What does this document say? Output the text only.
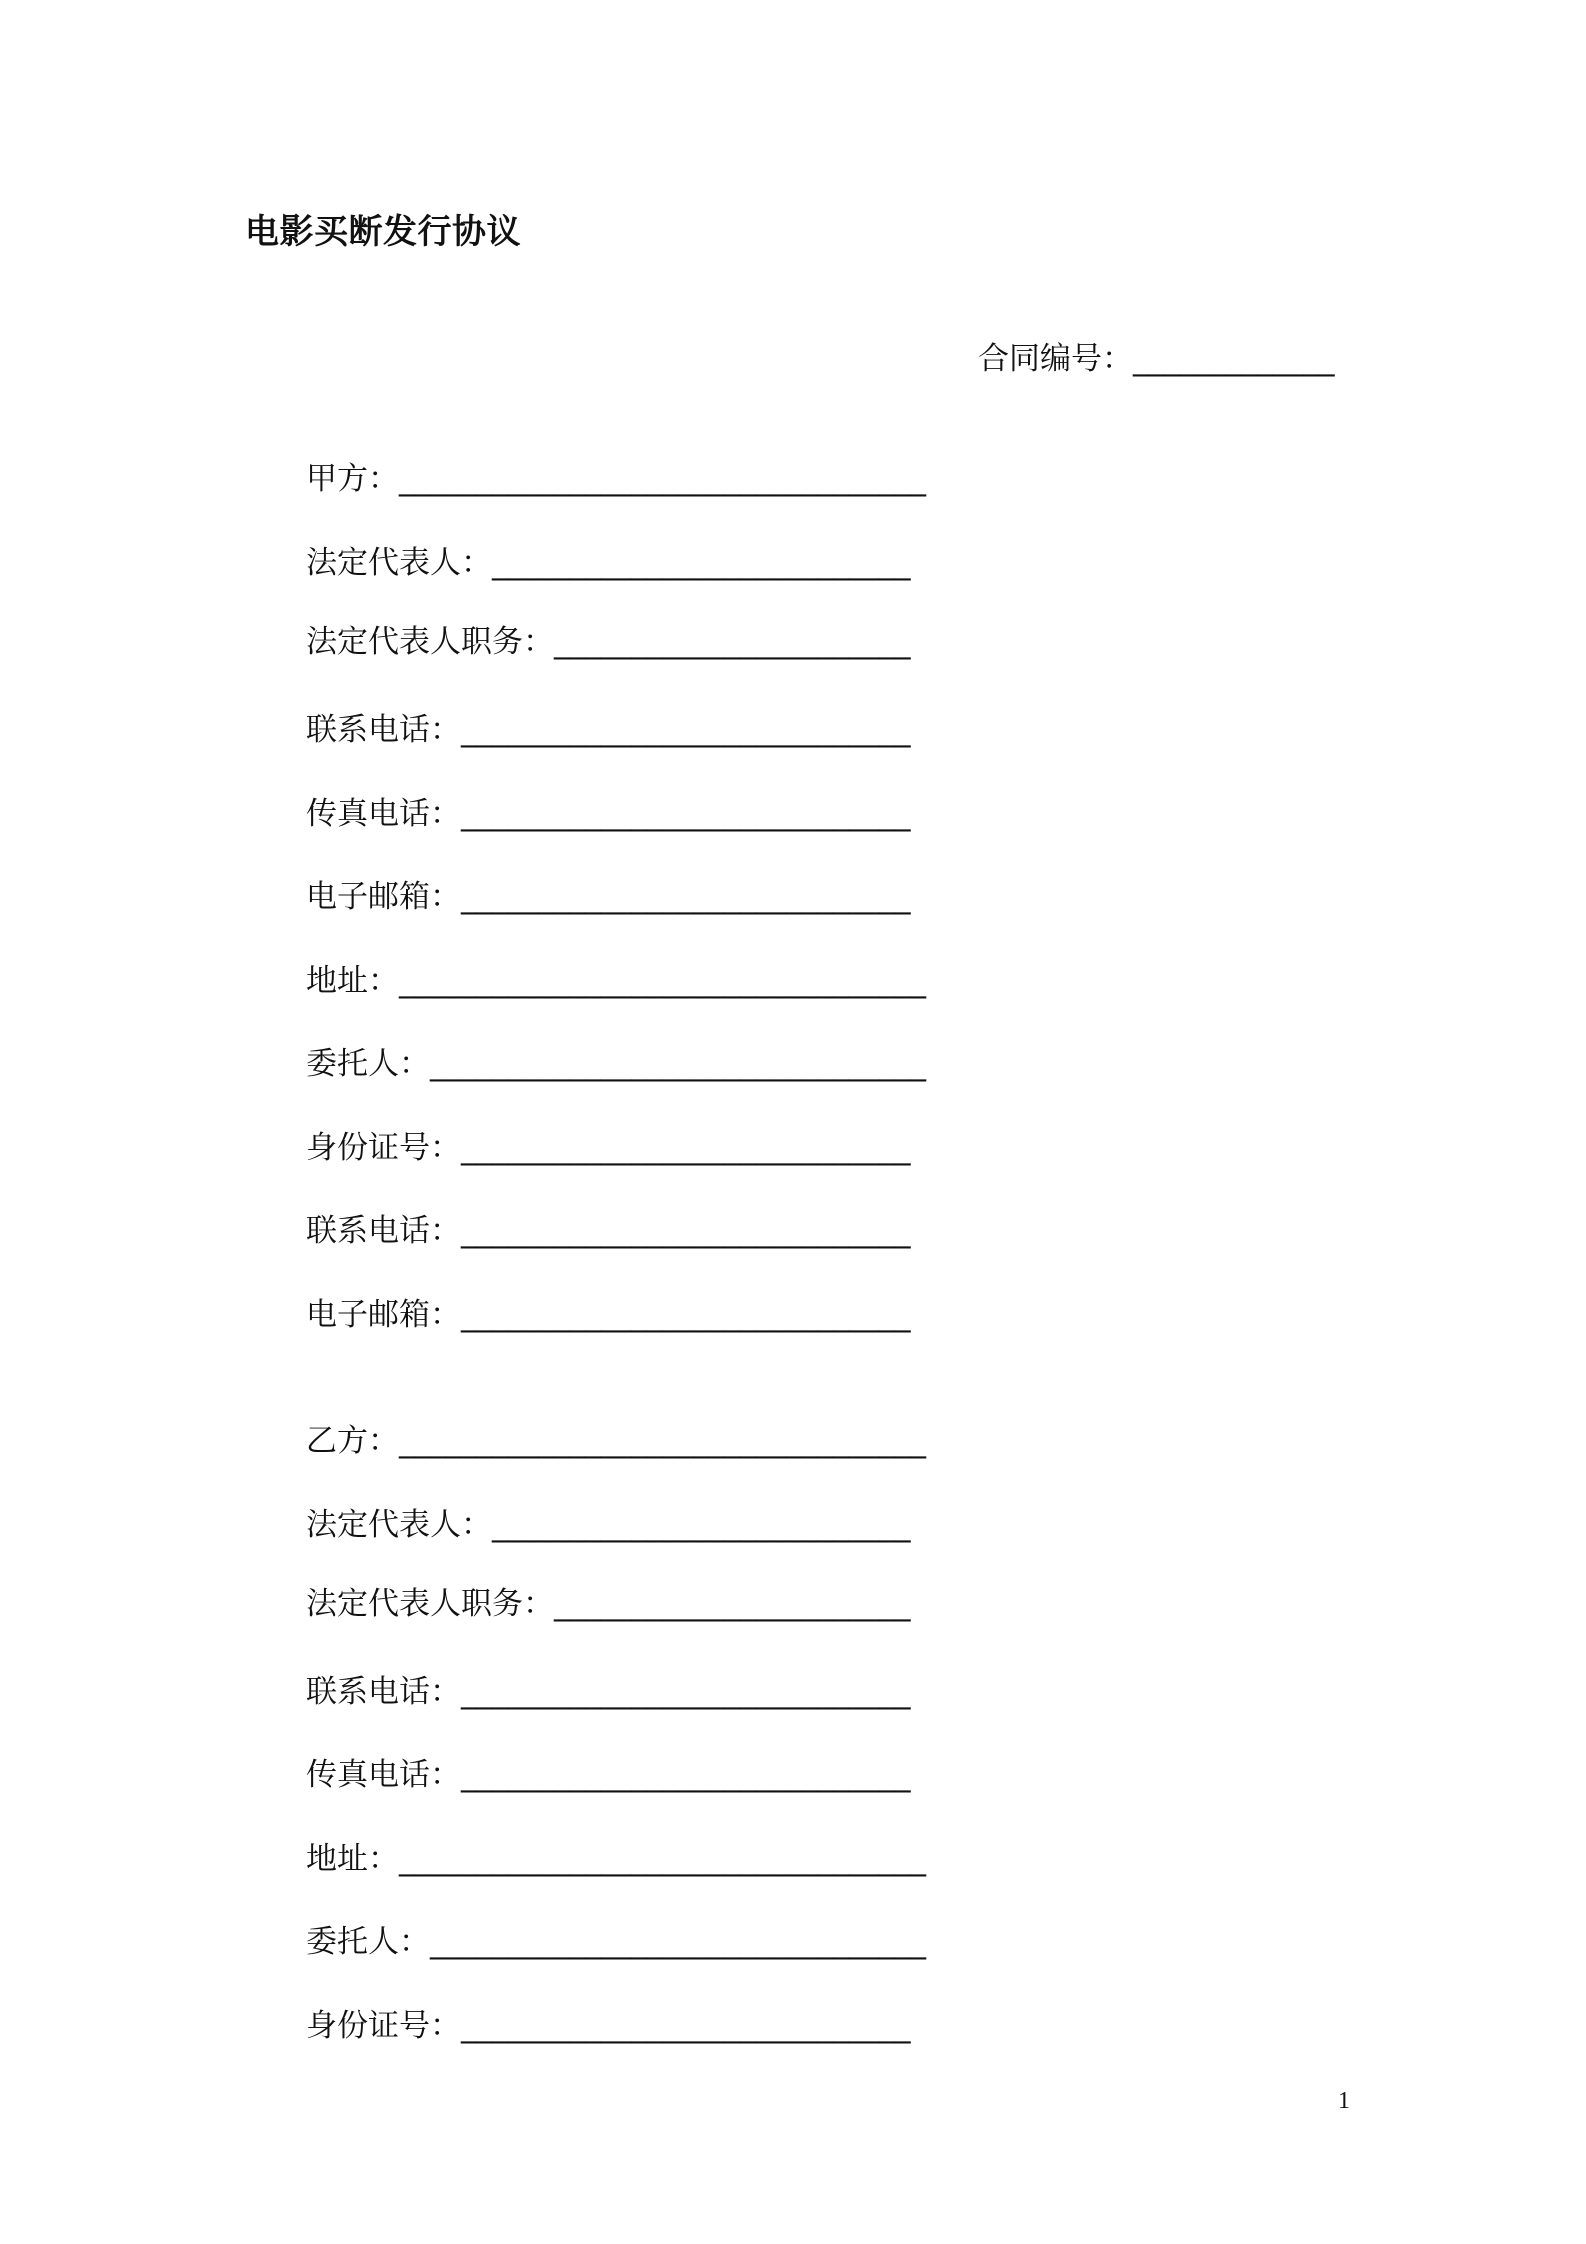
电影买断发行协议
合同编号：_____________
甲方：__________________________________
法定代表人：___________________________
法定代表人职务：_______________________
联系电话：_____________________________
传真电话：_____________________________
电子邮箱：_____________________________
地址：__________________________________
委托人：________________________________
身份证号：_____________________________
联系电话：_____________________________
电子邮箱：_____________________________
乙方：__________________________________
法定代表人：___________________________
法定代表人职务：_______________________
联系电话：_____________________________
传真电话：_____________________________
地址：__________________________________
委托人：________________________________
身份证号：_____________________________
1
